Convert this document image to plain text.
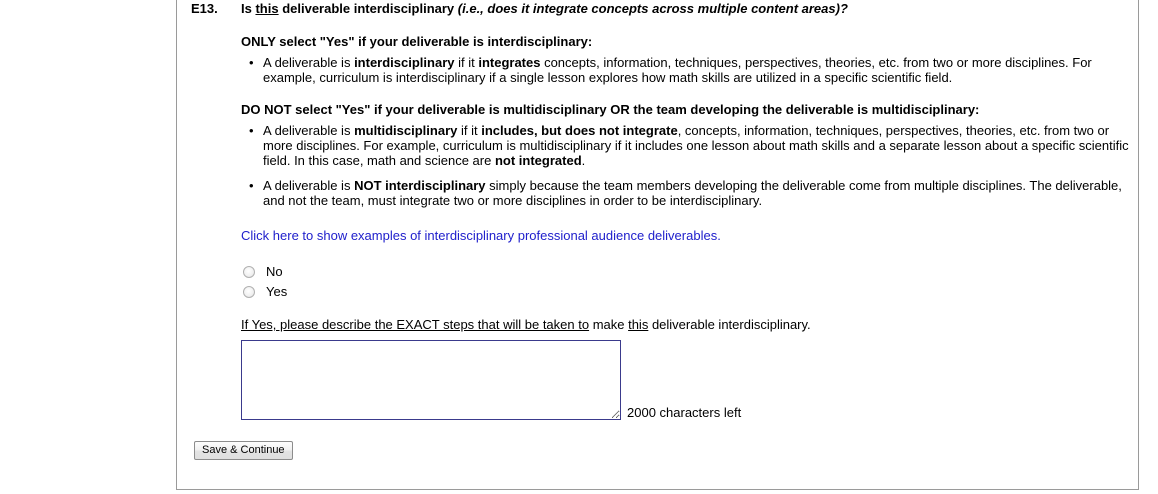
E13. Is this deliverable interdisciplinary (i.e., does it integrate concepts across multiple content areas)?
ONLY select "Yes" if your deliverable is interdisciplinary:
• A deliverable is interdisciplinary if it integrates concepts, information, techniques, perspectives, theories, etc. from two or more disciplines. For example, curriculum is interdisciplinary if a single lesson explores how math skills are utilized in a specific scientific field.
DO NOT select "Yes" if your deliverable is multidisciplinary OR the team developing the deliverable is multidisciplinary:
• A deliverable is multidisciplinary if it includes, but does not integrate, concepts, information, techniques, perspectives, theories, etc. from two or more disciplines. For example, curriculum is multidisciplinary if it includes one lesson about math skills and a separate lesson about a specific scientific field. In this case, math and science are not integrated.
• A deliverable is NOT interdisciplinary simply because the team members developing the deliverable come from multiple disciplines. The deliverable, and not the team, must integrate two or more disciplines in order to be interdisciplinary.
Click here to show examples of interdisciplinary professional audience deliverables.
No
Yes
If Yes, please describe the EXACT steps that will be taken to make this deliverable interdisciplinary.
2000 characters left
Save & Continue
